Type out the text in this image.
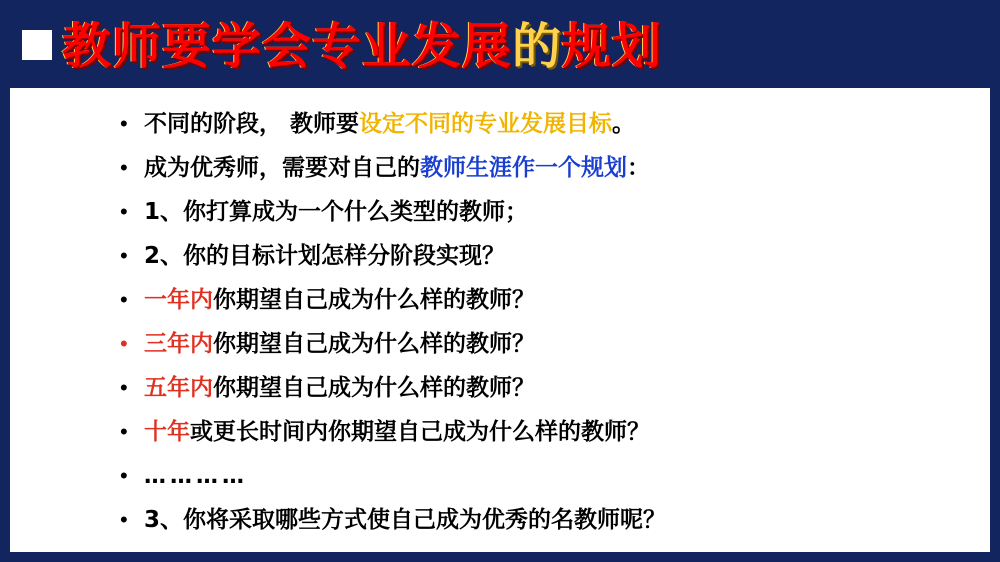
教师要学会专业发展的规划
• 不同的阶段， 教师要设定不同的专业发展目标。
• 成为优秀师，需要对自己的教师生涯作一个规划：
• 1、你打算成为一个什么类型的教师；
• 2、你的目标计划怎样分阶段实现？
• 一年内你期望自己成为什么样的教师？
• 三年内你期望自己成为什么样的教师？
• 五年内你期望自己成为什么样的教师？
• 十年或更长时间内你期望自己成为什么样的教师？
• …………
• 3、你将采取哪些方式使自己成为优秀的名教师呢？
